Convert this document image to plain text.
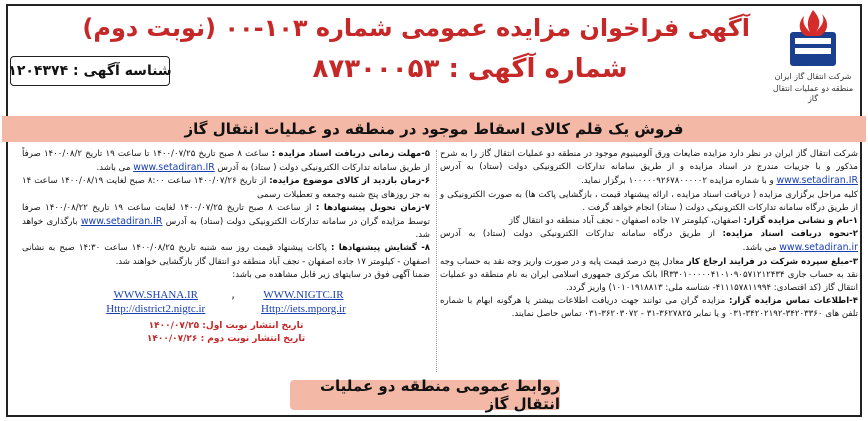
شرکت انتقال گاز ایران
منطقه دو عملیات انتقال گاز
آگهی فراخوان مزایده عمومی شماره ۱۰۳-۰۰ (نوبت دوم)
شماره آگهی : ۸۷۳۰۰۰۵۳
شناسه آگهی : ۱۲۰۴۳۷۴
فروش یک قلم کالای اسقاط موجود در منطقه دو عملیات انتقال گاز

شرکت انتقال گاز ایران در نظر دارد مزایده ضایعات ورق آلومینیوم موجود در منطقه دو عملیات انتقال گاز را به شرح مذکور و با جزییات مندرج در اسناد مزایده و از طریق سامانه تدارکات الکترونیکی دولت (ستاد) به آدرس www.setadiran.IR و با شماره مزایده ۱۰۰۰۰۰۹۲۶۷۸۰۰۰۰۰۲ برگزار نماید.

کلیه مراحل برگزاری مزایده ( دریافت اسناد مزایده ، ارائه پیشنهاد قیمت ، بازگشایی پاکت ها) به صورت الکترونیکی و از طریق درگاه سامانه تدارکات الکترونیکی دولت ( ستاد) انجام خواهد گرفت .

۱-نام و نشانی مزایده گزار: اصفهان، کیلومتر ۱۷ جاده اصفهان - نجف آباد منطقه دو انتقال گاز

۲-نحوه دریافت اسناد مزایده: از طریق درگاه سامانه تدارکات الکترونیکی دولت (ستاد) به آدرس www.setadiran.ir می باشد.

۳-مبلغ سپرده شرکت در فرایند ارجاع کار معادل پنج درصد قیمت پایه و در صورت واریز وجه نقد به حساب وجه نقد به حساب جاری IR۳۳۰۱۰۰۰۰۰۴۱۰۱۰۹۰۵۷۱۲۱۲۴۳۴ بانک مرکزی جمهوری اسلامی ایران به نام منطقه دو عملیات انتقال گاز (کد اقتصادی: ۴۱۱۱۵۷۸۱۱۹۹۴- شناسه ملی: ۱۰۱۰۱۹۱۸۸۱۳) واریز گردد.

۴-اطلاعات تماس مزایده گزار: مزایده گران می توانند جهت دریافت اطلاعات بیشتر یا هرگونه ابهام با شماره تلفن های ۳۴۲۰۳۳۶۰-۳۴۲۰۲۱۹۲-۰۳۱ و یا نمابر ۳۶۲۷۸۲۵-۳۱ - ۳۶۲۰۳۰۷۲-۰۳۱ تماس حاصل نمایند.

۵-مهلت زمانی دریافت اسناد مزایده : ساعت ۸ صبح تاریخ ۱۴۰۰/۰۷/۲۵ تا ساعت ۱۹ تاریخ ۱۴۰۰/۰۸/۲ صرفاً از طریق سامانه تدارکات الکترونیکی دولت ( ستاد) به آدرس www.setadiran.IR می باشد.

۶-زمان بازدید از کالای موضوع مزایده: از تاریخ ۱۴۰۰/۰۷/۲۶ ساعت ۸:۰۰ صبح لغایت ۱۴۰۰/۰۸/۱۹ ساعت ۱۴ به جز روزهای پنج شنبه وجمعه و تعطیلات رسمی

۷-زمان تحویل پیشنهادها : از ساعت ۸ صبح تاریخ ۱۴۰۰/۰۷/۲۵ لغایت ساعت ۱۹ تاریخ ۱۴۰۰/۰۸/۲۲ صرفا توسط مزایده گران در سامانه تدارکات الکترونیکی دولت (ستاد) به آدرس www.setadiran.IR بارگذاری خواهد شد.

۸- گشایش پیشنهادها : پاکات پیشنهاد قیمت روز سه شنبه تاریخ ۱۴۰۰/۰۸/۲۵ ساعت ۱۴:۳۰ صبح به نشانی اصفهان - کیلومتر ۱۷ جاده اصفهان - نجف آباد منطقه دو انتقال گاز بازگشایی خواهند شد.

ضمنا آگهی فوق در سایتهای زیر قابل مشاهده می باشد:

WWW.SHANA.IR
Http://district2.nigtc.ir
,	WWW.NIGTC.IR
Http://iets.mporg.ir
تاریخ انتشار نوبت اول: ۱۴۰۰/۰۷/۲۵
تاریخ انتشار نوبت دوم : ۱۴۰۰/۰۷/۲۶
روابط عمومی منطقه دو عملیات انتقال گاز
